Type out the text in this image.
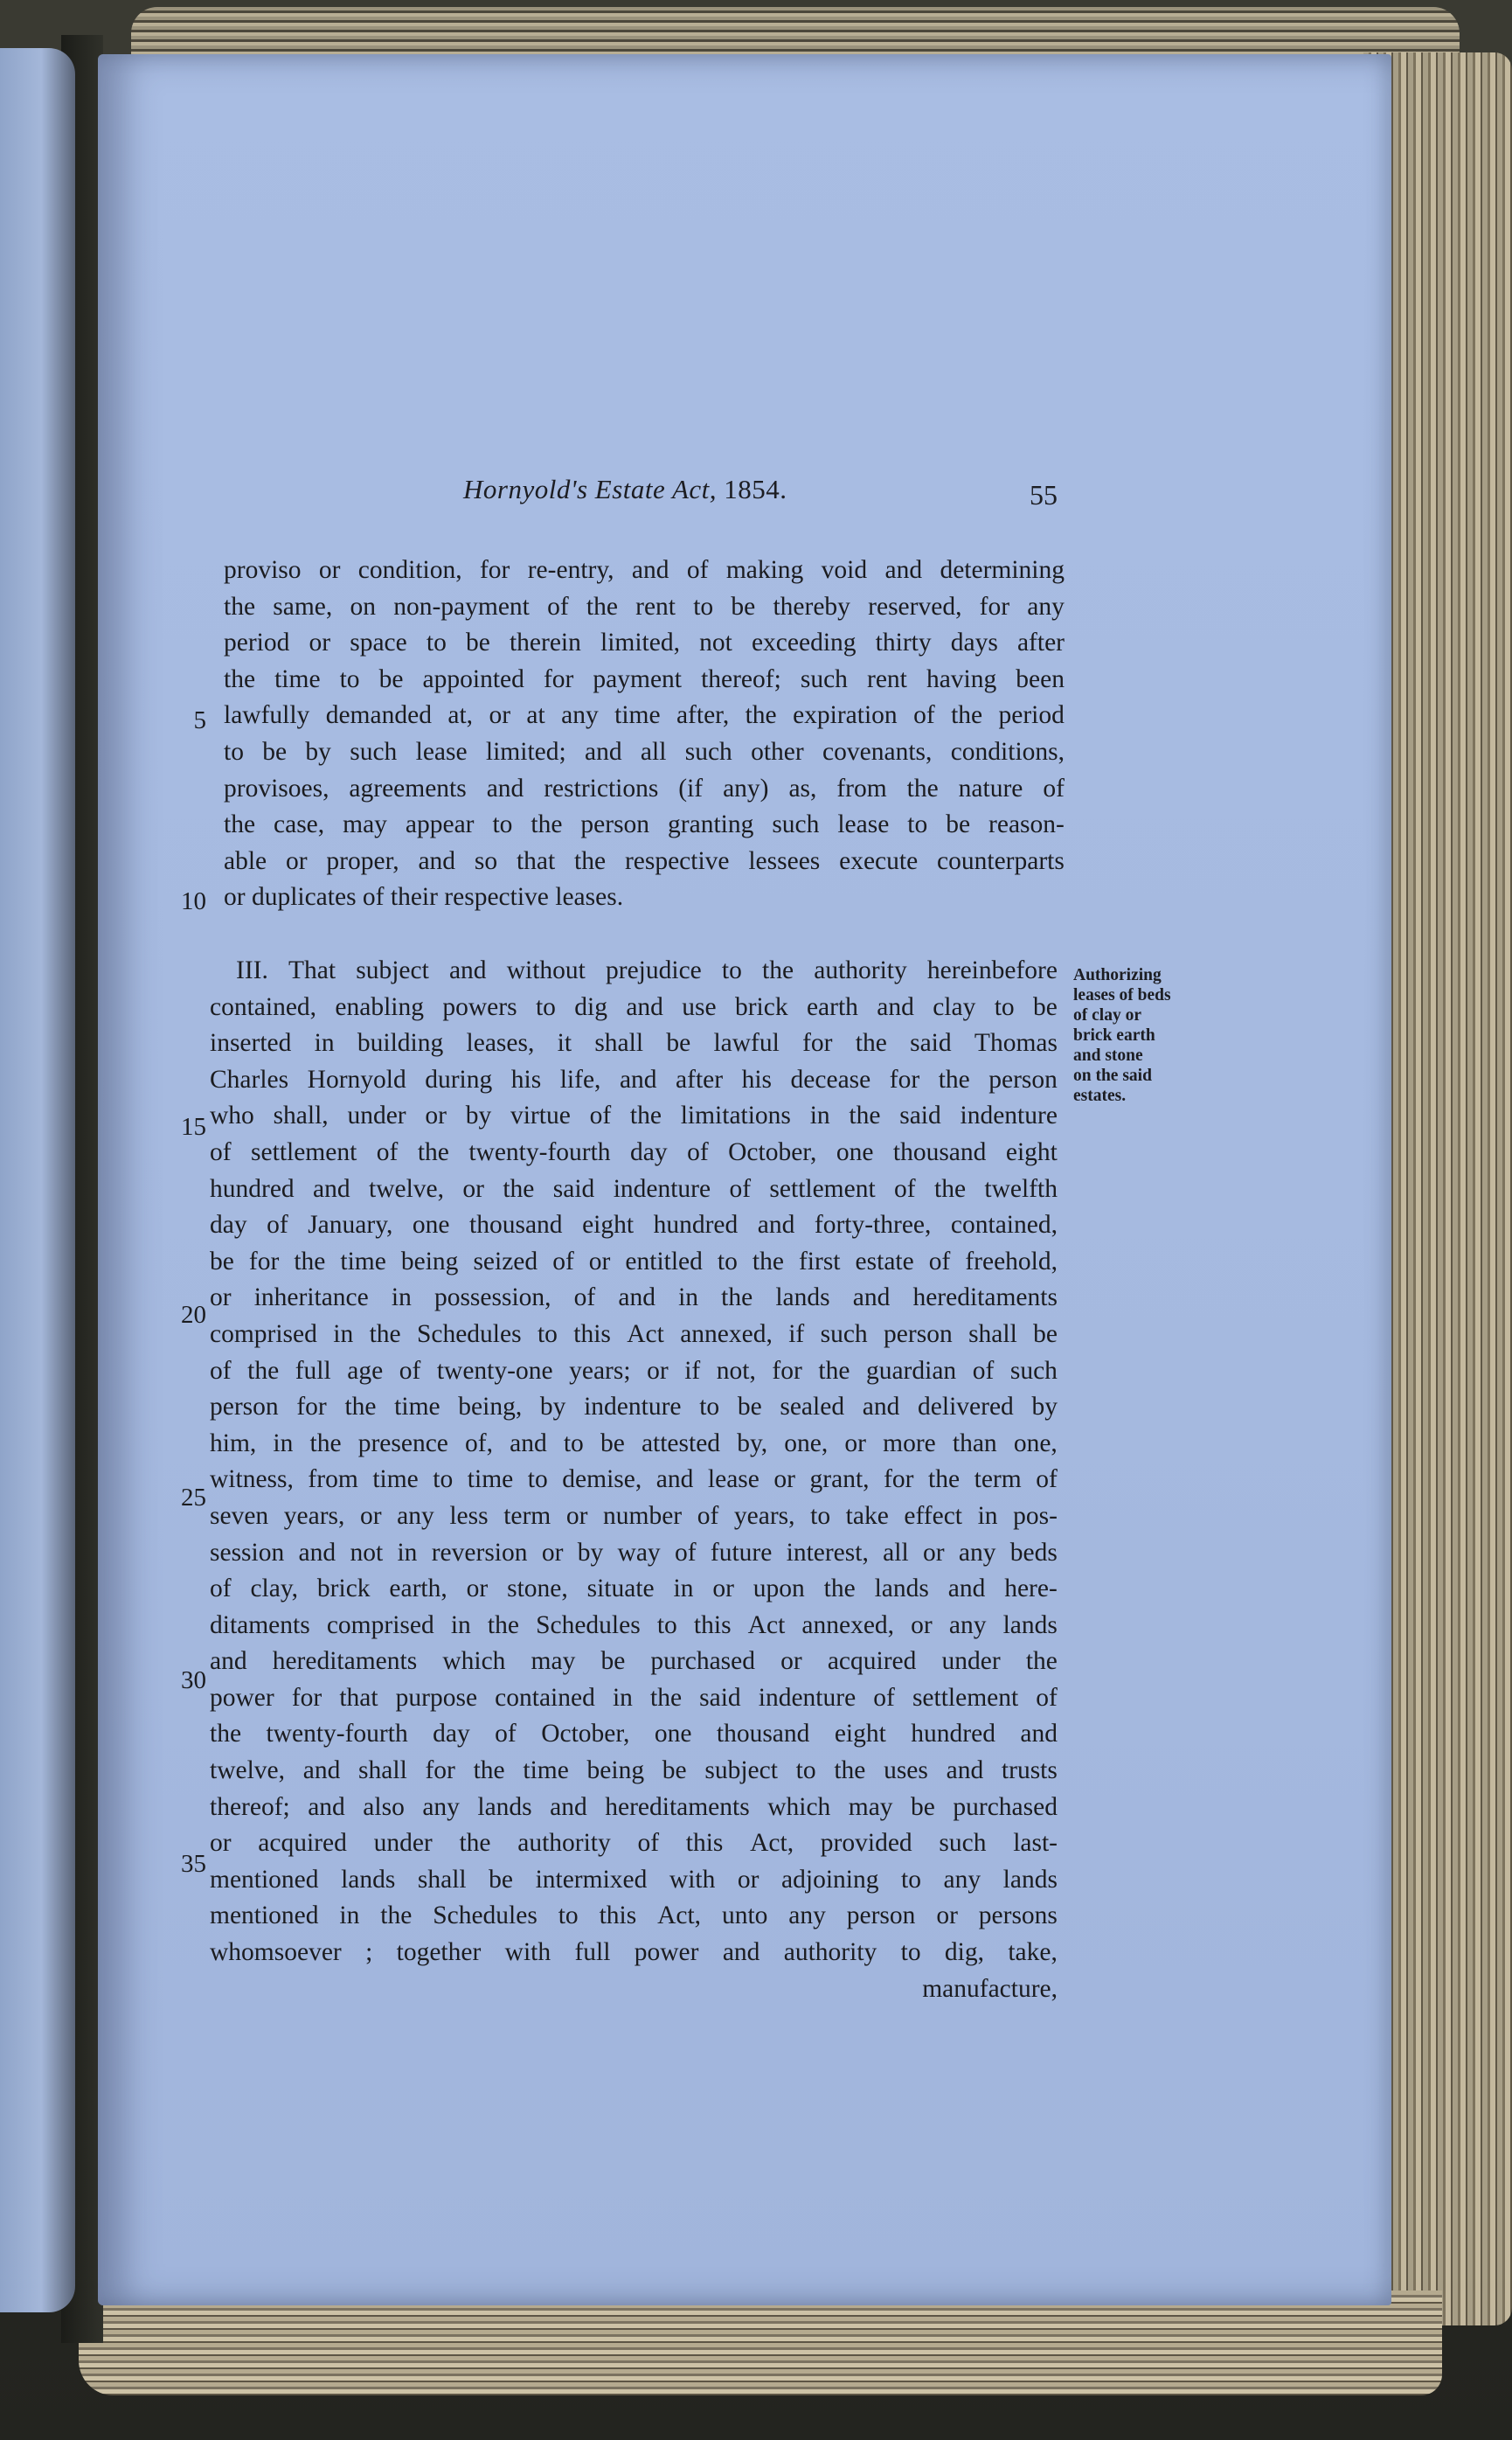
Hornyold's Estate Act, 1854.	55
proviso or condition, for re-entry, and of making void and determining
the same, on non-payment of the rent to be thereby reserved, for any
period or space to be therein limited, not exceeding thirty days after
the time to be appointed for payment thereof; such rent having been
lawfully demanded at, or at any time after, the expiration of the period
to be by such lease limited; and all such other covenants, conditions,
provisoes, agreements and restrictions (if any) as, from the nature of
the case, may appear to the person granting such lease to be reason-
able or proper, and so that the respective lessees execute counterparts
or duplicates of their respective leases.
III. That subject and without prejudice to the authority hereinbefore
contained, enabling powers to dig and use brick earth and clay to be
inserted in building leases, it shall be lawful for the said Thomas
Charles Hornyold during his life, and after his decease for the person
who shall, under or by virtue of the limitations in the said indenture
of settlement of the twenty-fourth day of October, one thousand eight
hundred and twelve, or the said indenture of settlement of the twelfth
day of January, one thousand eight hundred and forty-three, contained,
be for the time being seized of or entitled to the first estate of freehold,
or inheritance in possession, of and in the lands and hereditaments
comprised in the Schedules to this Act annexed, if such person shall be
of the full age of twenty-one years; or if not, for the guardian of such
person for the time being, by indenture to be sealed and delivered by
him, in the presence of, and to be attested by, one, or more than one,
witness, from time to time to demise, and lease or grant, for the term of
seven years, or any less term or number of years, to take effect in pos-
session and not in reversion or by way of future interest, all or any beds
of clay, brick earth, or stone, situate in or upon the lands and here-
ditaments comprised in the Schedules to this Act annexed, or any lands
and hereditaments which may be purchased or acquired under the
power for that purpose contained in the said indenture of settlement of
the twenty-fourth day of October, one thousand eight hundred and
twelve, and shall for the time being be subject to the uses and trusts
thereof; and also any lands and hereditaments which may be purchased
or acquired under the authority of this Act, provided such last-
mentioned lands shall be intermixed with or adjoining to any lands
mentioned in the Schedules to this Act, unto any person or persons
whomsoever ; together with full power and authority to dig, take,
manufacture,
5
10
15
20
25
30
35
Authorizing
leases of beds
of clay or
brick earth
and stone
on the said
estates.
